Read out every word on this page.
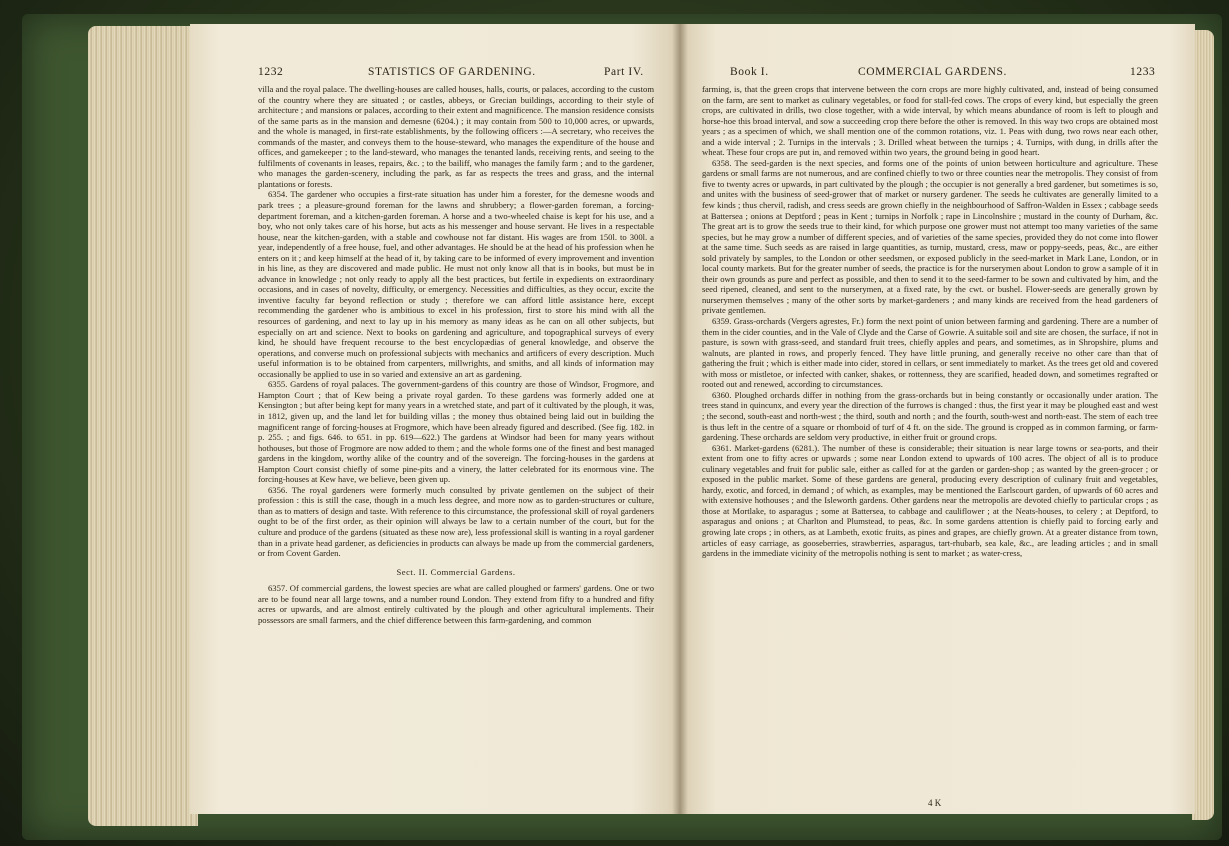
1232	STATISTICS OF GARDENING.	Part IV.

villa and the royal palace. The dwelling-houses are called houses, halls, courts, or palaces, according to the custom of the country where they are situated ; or castles, abbeys, or Grecian buildings, according to their style of architecture ; and mansions or palaces, according to their extent and magnificence. The mansion residence consists of the same parts as in the mansion and demesne (6204.) ; it may contain from 500 to 10,000 acres, or upwards, and the whole is managed, in first-rate establishments, by the following officers :—A secretary, who receives the commands of the master, and conveys them to the house-steward, who manages the expenditure of the house and offices, and gamekeeper ; to the land-steward, who manages the tenanted lands, receiving rents, and seeing to the fulfilments of covenants in leases, repairs, &c. ; to the bailiff, who manages the family farm ; and to the gardener, who manages the garden-scenery, including the park, as far as respects the trees and grass, and the internal plantations or forests.

6354. The gardener who occupies a first-rate situation has under him a forester, for the demesne woods and park trees ; a pleasure-ground foreman for the lawns and shrubbery; a flower-garden foreman, a forcing-department foreman, and a kitchen-garden foreman. A horse and a two-wheeled chaise is kept for his use, and a boy, who not only takes care of his horse, but acts as his messenger and house servant. He lives in a respectable house, near the kitchen-garden, with a stable and cowhouse not far distant. His wages are from 150l. to 300l. a year, independently of a free house, fuel, and other advantages. He should be at the head of his profession when he enters on it ; and keep himself at the head of it, by taking care to be informed of every improvement and invention in his line, as they are discovered and made public. He must not only know all that is in books, but must be in advance in knowledge ; not only ready to apply all the best practices, but fertile in expedients on extraordinary occasions, and in cases of novelty, difficulty, or emergency. Necessities and difficulties, as they occur, excite the inventive faculty far beyond reflection or study ; therefore we can afford little assistance here, except recommending the gardener who is ambitious to excel in his profession, first to store his mind with all the resources of gardening, and next to lay up in his memory as many ideas as he can on all other subjects, but especially on art and science. Next to books on gardening and agriculture, and topographical surveys of every kind, he should have frequent recourse to the best encyclopædias of general knowledge, and observe the operations, and converse much on professional subjects with mechanics and artificers of every description. Much useful information is to be obtained from carpenters, millwrights, and smiths, and all kinds of information may occasionally be applied to use in so varied and extensive an art as gardening.

6355. Gardens of royal palaces. The government-gardens of this country are those of Windsor, Frogmore, and Hampton Court ; that of Kew being a private royal garden. To these gardens was formerly added one at Kensington ; but after being kept for many years in a wretched state, and part of it cultivated by the plough, it was, in 1812, given up, and the land let for building villas ; the money thus obtained being laid out in building the magnificent range of forcing-houses at Frogmore, which have been already figured and described. (See fig. 182. in p. 255. ; and figs. 646. to 651. in pp. 619—622.) The gardens at Windsor had been for many years without hothouses, but those of Frogmore are now added to them ; and the whole forms one of the finest and best managed gardens in the kingdom, worthy alike of the country and of the sovereign. The forcing-houses in the gardens at Hampton Court consist chiefly of some pine-pits and a vinery, the latter celebrated for its enormous vine. The forcing-houses at Kew have, we believe, been given up.

6356. The royal gardeners were formerly much consulted by private gentlemen on the subject of their profession : this is still the case, though in a much less degree, and more now as to garden-structures or culture, than as to matters of design and taste. With reference to this circumstance, the professional skill of royal gardeners ought to be of the first order, as their opinion will always be law to a certain number of the court, but for the culture and produce of the gardens (situated as these now are), less professional skill is wanting in a royal gardener than in a private head gardener, as deficiencies in products can always be made up from the commercial gardeners, or from Covent Garden.

Sect. II. Commercial Gardens.

6357. Of commercial gardens, the lowest species are what are called ploughed or farmers' gardens. One or two are to be found near all large towns, and a number round London. They extend from fifty to a hundred and fifty acres or upwards, and are almost entirely cultivated by the plough and other agricultural implements. Their possessors are small farmers, and the chief difference between this farm-gardening, and common

Book I.	COMMERCIAL GARDENS.	1233

farming, is, that the green crops that intervene between the corn crops are more highly cultivated, and, instead of being consumed on the farm, are sent to market as culinary vegetables, or food for stall-fed cows. The crops of every kind, but especially the green crops, are cultivated in drills, two close together, with a wide interval, by which means abundance of room is left to plough and horse-hoe this broad interval, and sow a succeeding crop there before the other is removed. In this way two crops are obtained most years ; as a specimen of which, we shall mention one of the common rotations, viz. 1. Peas with dung, two rows near each other, and a wide interval ; 2. Turnips in the intervals ; 3. Drilled wheat between the turnips ; 4. Turnips, with dung, in drills after the wheat. These four crops are put in, and removed within two years, the ground being in good heart.

6358. The seed-garden is the next species, and forms one of the points of union between horticulture and agriculture. These gardens or small farms are not numerous, and are confined chiefly to two or three counties near the metropolis. They consist of from five to twenty acres or upwards, in part cultivated by the plough ; the occupier is not generally a bred gardener, but sometimes is so, and unites with the business of seed-grower that of market or nursery gardener. The seeds he cultivates are generally limited to a few kinds ; thus chervil, radish, and cress seeds are grown chiefly in the neighbourhood of Saffron-Walden in Essex ; cabbage seeds at Battersea ; onions at Deptford ; peas in Kent ; turnips in Norfolk ; rape in Lincolnshire ; mustard in the county of Durham, &c. The great art is to grow the seeds true to their kind, for which purpose one grower must not attempt too many varieties of the same species, but he may grow a number of different species, and of varieties of the same species, provided they do not come into flower at the same time. Such seeds as are raised in large quantities, as turnip, mustard, cress, maw or poppy-seeds, peas, &c., are either sold privately by samples, to the London or other seedsmen, or exposed publicly in the seed-market in Mark Lane, London, or in local county markets. But for the greater number of seeds, the practice is for the nurserymen about London to grow a sample of it in their own grounds as pure and perfect as possible, and then to send it to the seed-farmer to be sown and cultivated by him, and the seed ripened, cleaned, and sent to the nurserymen, at a fixed rate, by the cwt. or bushel. Flower-seeds are generally grown by nurserymen themselves ; many of the other sorts by market-gardeners ; and many kinds are received from the head gardeners of private gentlemen.

6359. Grass-orchards (Vergers agrestes, Fr.) form the next point of union between farming and gardening. There are a number of them in the cider counties, and in the Vale of Clyde and the Carse of Gowrie. A suitable soil and site are chosen, the surface, if not in pasture, is sown with grass-seed, and standard fruit trees, chiefly apples and pears, and sometimes, as in Shropshire, plums and walnuts, are planted in rows, and properly fenced. They have little pruning, and generally receive no other care than that of gathering the fruit ; which is either made into cider, stored in cellars, or sent immediately to market. As the trees get old and covered with moss or mistletoe, or infected with canker, shakes, or rottenness, they are scarified, headed down, and sometimes regrafted or rooted out and renewed, according to circumstances.

6360. Ploughed orchards differ in nothing from the grass-orchards but in being constantly or occasionally under aration. The trees stand in quincunx, and every year the direction of the furrows is changed : thus, the first year it may be ploughed east and west ; the second, south-east and north-west ; the third, south and north ; and the fourth, south-west and north-east. The stem of each tree is thus left in the centre of a square or rhomboid of turf of 4 ft. on the side. The ground is cropped as in common farming, or farm-gardening. These orchards are seldom very productive, in either fruit or ground crops.

6361. Market-gardens (6281.). The number of these is considerable; their situation is near large towns or sea-ports, and their extent from one to fifty acres or upwards ; some near London extend to upwards of 100 acres. The object of all is to produce culinary vegetables and fruit for public sale, either as called for at the garden or garden-shop ; as wanted by the green-grocer ; or exposed in the public market. Some of these gardens are general, producing every description of culinary fruit and vegetables, hardy, exotic, and forced, in demand ; of which, as examples, may be mentioned the Earlscourt garden, of upwards of 60 acres and with extensive hothouses ; and the Isleworth gardens. Other gardens near the metropolis are devoted chiefly to particular crops ; as those at Mortlake, to asparagus ; some at Battersea, to cabbage and cauliflower ; at the Neats-houses, to celery ; at Deptford, to asparagus and onions ; at Charlton and Plumstead, to peas, &c. In some gardens attention is chiefly paid to forcing early and growing late crops ; in others, as at Lambeth, exotic fruits, as pines and grapes, are chiefly grown. At a greater distance from town, articles of easy carriage, as gooseberries, strawberries, asparagus, tart-rhubarb, sea kale, &c., are leading articles ; and in small gardens in the immediate vicinity of the metropolis nothing is sent to market ; as water-cress,

4 K
